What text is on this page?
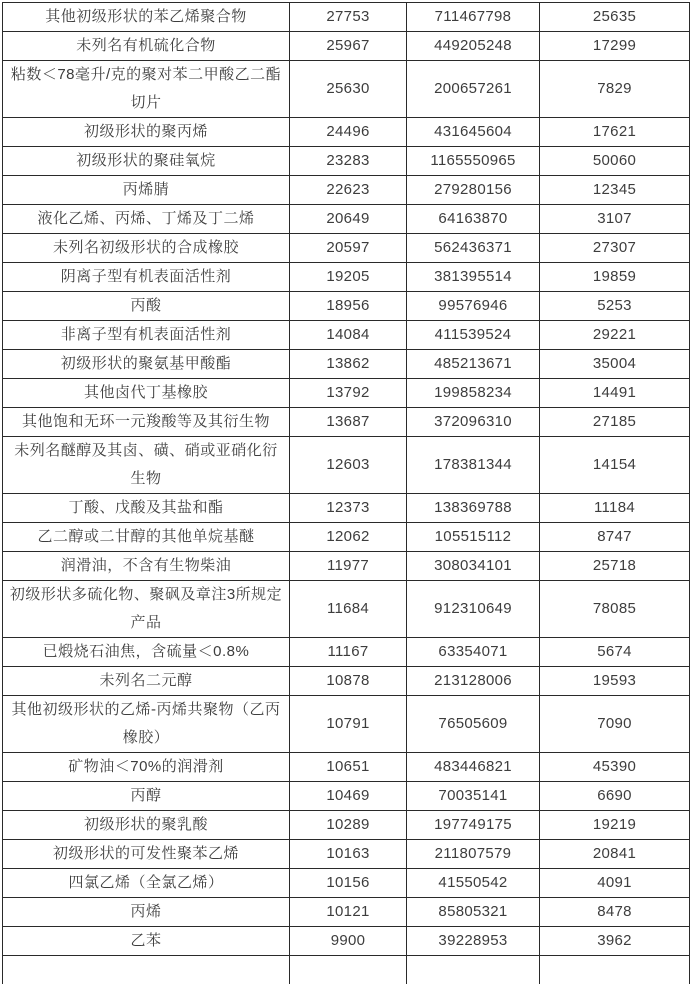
其他初级形状的苯乙烯聚合物	27753	711467798	25635
未列名有机硫化合物	25967	449205248	17299
粘数＜78毫升/克的聚对苯二甲酸乙二酯切片	25630	200657261	7829
初级形状的聚丙烯	24496	431645604	17621
初级形状的聚硅氧烷	23283	1165550965	50060
丙烯腈	22623	279280156	12345
液化乙烯、丙烯、丁烯及丁二烯	20649	64163870	3107
未列名初级形状的合成橡胶	20597	562436371	27307
阴离子型有机表面活性剂	19205	381395514	19859
丙酸	18956	99576946	5253
非离子型有机表面活性剂	14084	411539524	29221
初级形状的聚氨基甲酸酯	13862	485213671	35004
其他卤代丁基橡胶	13792	199858234	14491
其他饱和无环一元羧酸等及其衍生物	13687	372096310	27185
未列名醚醇及其卤、磺、硝或亚硝化衍生物	12603	178381344	14154
丁酸、戊酸及其盐和酯	12373	138369788	11184
乙二醇或二甘醇的其他单烷基醚	12062	105515112	8747
润滑油，不含有生物柴油	11977	308034101	25718
初级形状多硫化物、聚砜及章注3所规定产品	11684	912310649	78085
已煅烧石油焦，含硫量＜0.8%	11167	63354071	5674
未列名二元醇	10878	213128006	19593
其他初级形状的乙烯-丙烯共聚物（乙丙橡胶）	10791	76505609	7090
矿物油＜70%的润滑剂	10651	483446821	45390
丙醇	10469	70035141	6690
初级形状的聚乳酸	10289	197749175	19219
初级形状的可发性聚苯乙烯	10163	211807579	20841
四氯乙烯（全氯乙烯）	10156	41550542	4091
丙烯	10121	85805321	8478
乙苯	9900	39228953	3962
